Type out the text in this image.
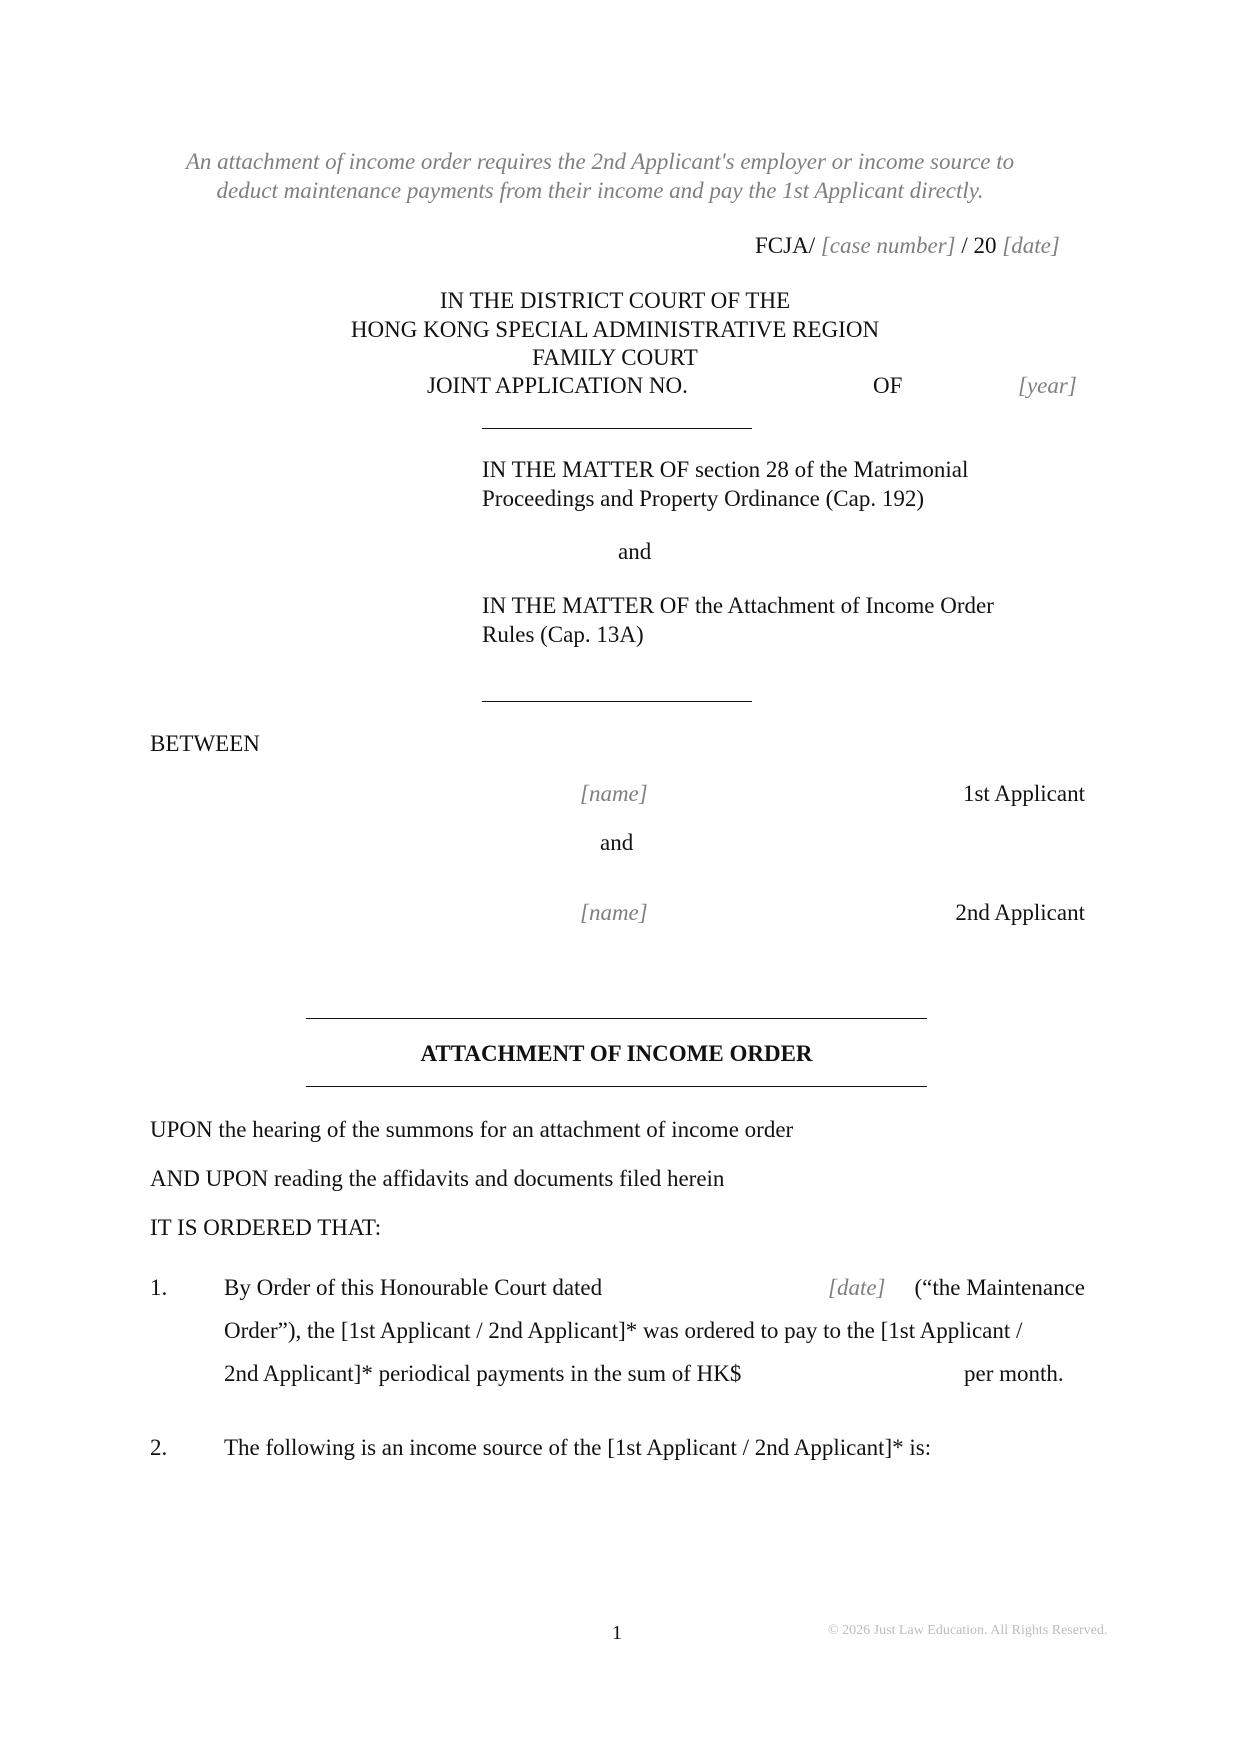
An attachment of income order requires the 2nd Applicant's employer or income source to
deduct maintenance payments from their income and pay the 1st Applicant directly.
FCJA/ [case number] / 20 [date]
IN THE DISTRICT COURT OF THE
HONG KONG SPECIAL ADMINISTRATIVE REGION
FAMILY COURT
JOINT APPLICATION NO.	OF	[year]
IN THE MATTER OF section 28 of the Matrimonial
Proceedings and Property Ordinance (Cap. 192)
and
IN THE MATTER OF the Attachment of Income Order
Rules (Cap. 13A)
BETWEEN
[name]	1st Applicant
and
[name]	2nd Applicant
ATTACHMENT OF INCOME ORDER
UPON the hearing of the summons for an attachment of income order
AND UPON reading the affidavits and documents filed herein
IT IS ORDERED THAT:
1. By Order of this Honourable Court dated	[date]	(“the Maintenance
Order”), the [1st Applicant / 2nd Applicant]* was ordered to pay to the [1st Applicant /
2nd Applicant]* periodical payments in the sum of HK$	per month.
2. The following is an income source of the [1st Applicant / 2nd Applicant]* is:
1	© 2026 Just Law Education. All Rights Reserved.
